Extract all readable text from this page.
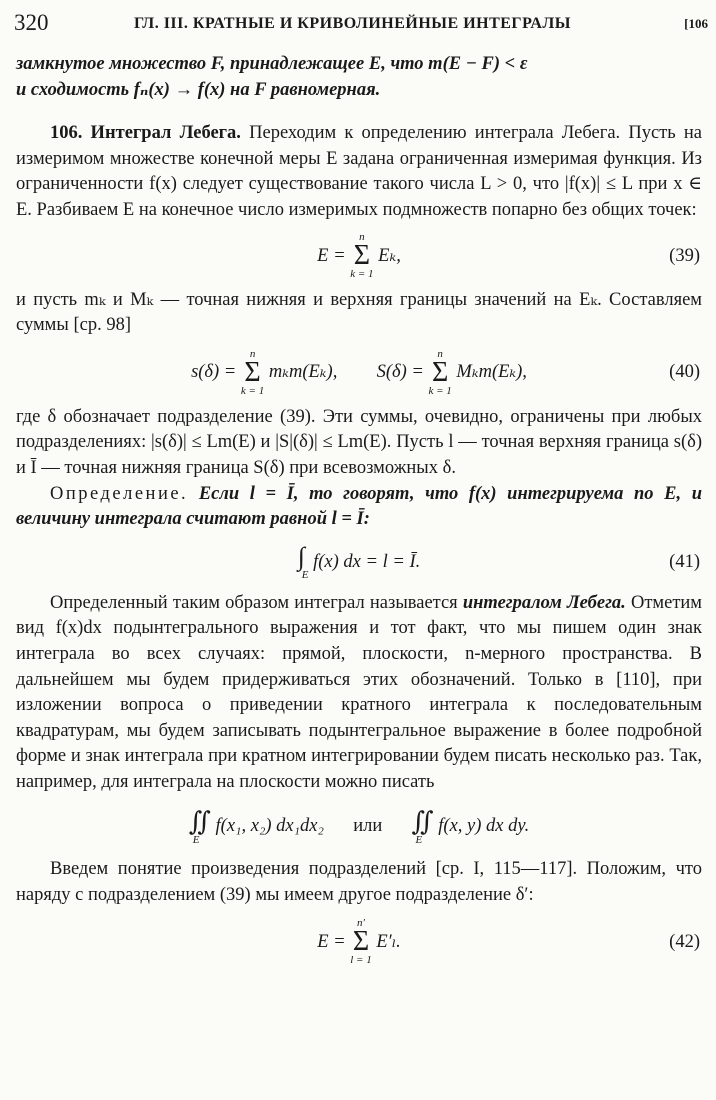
320	ГЛ. III. КРАТНЫЕ И КРИВОЛИНЕЙНЫЕ ИНТЕГРАЛЫ	[106

замкнутое множество F, принадлежащее E, что m(E − F) < ε

и сходимость fₙ(x) → f(x) на F равномерная.

106. Интеграл Лебега. Переходим к определению интеграла Лебега. Пусть на измеримом множестве конечной меры E задана ограниченная измеримая функция. Из ограниченности f(x) следует существование такого числа L > 0, что |f(x)| ≤ L при x ∈ E. Разбиваем E на конечное число измеримых подмножеств попарно без общих точек:

E =
n
Σ
k = 1
Eₖ,	(39)

и пусть mₖ и Mₖ — точная нижняя и верхняя границы значений на Eₖ. Составляем суммы [ср. 98]

s(δ) =
n
Σ
k = 1
mₖm(Eₖ), S(δ) =
n
Σ
k = 1
Mₖm(Eₖ),	(40)

где δ обозначает подразделение (39). Эти суммы, очевидно, ограничены при любых подразделениях: |s(δ)| ≤ Lm(E) и |S|(δ)| ≤ Lm(E). Пусть l — точная верхняя граница s(δ) и Ī — точная нижняя граница S(δ) при всевозможных δ.

Определение. Если l = Ī, то говорят, что f(x) интегрируема по E, и величину интеграла считают равной l = Ī:

∫
E
f(x) dx = l = Ī.	(41)

Определенный таким образом интеграл называется интегралом Лебега. Отметим вид f(x)dx подынтегрального выражения и тот факт, что мы пишем один знак интеграла во всех случаях: прямой, плоскости, n-мерного пространства. В дальнейшем мы будем придерживаться этих обозначений. Только в [110], при изложении вопроса о приведении кратного интеграла к последовательным квадратурам, мы будем записывать подынтегральное выражение в более подробной форме и знак интеграла при кратном интегрировании будем писать несколько раз. Так, например, для интеграла на плоскости можно писать

∬
E
f(x₁, x₂) dx₁dx₂ или ∬
E
f(x, y) dx dy.

Введем понятие произведения подразделений [ср. I, 115—117]. Положим, что наряду с подразделением (39) мы имеем другое подразделение δ′:

E =
n′
Σ
l = 1
E′ₗ.	(42)
